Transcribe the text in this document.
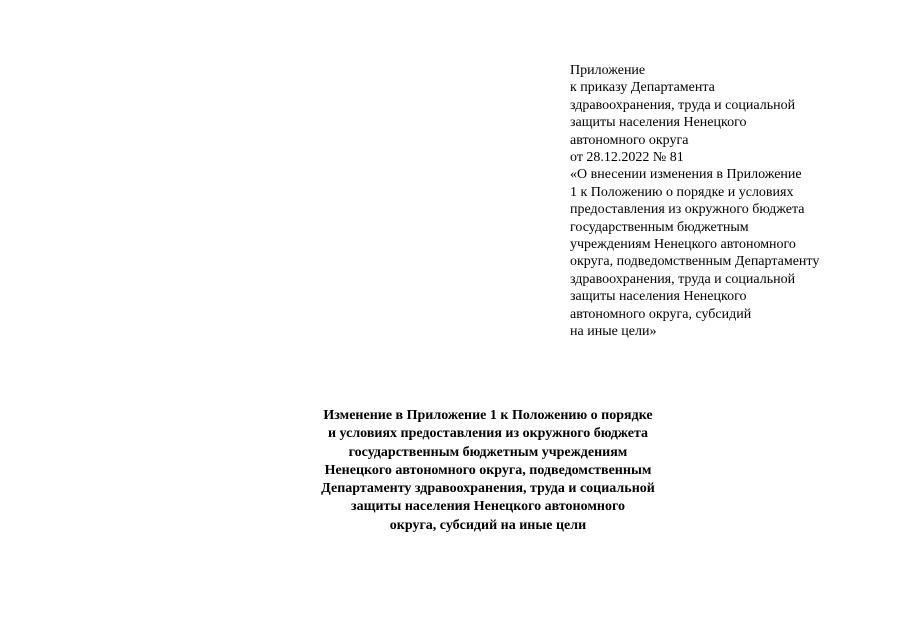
Приложение
к приказу Департамента
здравоохранения, труда и социальной
защиты населения Ненецкого
автономного округа
от 28.12.2022 № 81
«О внесении изменения в Приложение
1 к Положению о порядке и условиях
предоставления из окружного бюджета
государственным бюджетным
учреждениям Ненецкого автономного
округа, подведомственным Департаменту
здравоохранения, труда и социальной
защиты населения Ненецкого
автономного округа, субсидий
на иные цели»
Изменение в Приложение 1 к Положению о порядке
и условиях предоставления из окружного бюджета
государственным бюджетным учреждениям
Ненецкого автономного округа, подведомственным
Департаменту здравоохранения, труда и социальной
защиты населения Ненецкого автономного
округа, субсидий на иные цели
